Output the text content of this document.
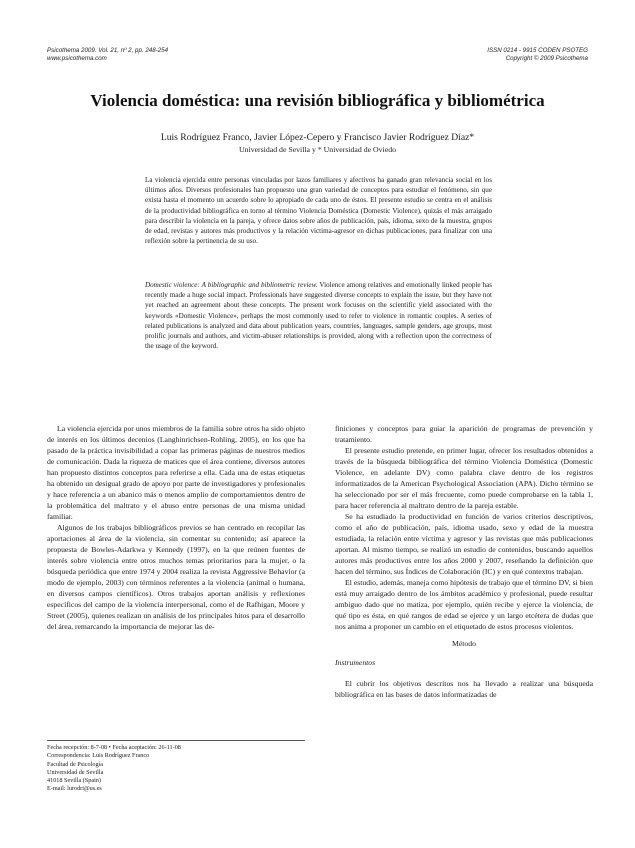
Psicothema 2009. Vol. 21, nº 2, pp. 248-254
www.psicothema.com
ISSN 0214 - 9915 CODEN PSOTEG
Copyright © 2009 Psicothema
Violencia doméstica: una revisión bibliográfica y bibliométrica
Luis Rodríguez Franco, Javier López-Cepero y Francisco Javier Rodríguez Díaz*
Universidad de Sevilla y * Universidad de Oviedo

La violencia ejercida entre personas vinculadas por lazos familiares y afectivos ha ganado gran relevancia social en los últimos años. Diversos profesionales han propuesto una gran variedad de conceptos para estudiar el fenómeno, sin que exista hasta el momento un acuerdo sobre lo apropiado de cada uno de éstos. El presente estudio se centra en el análisis de la productividad bibliográfica en torno al término Violencia Doméstica (Domestic Violence), quizás el más arraigado para describir la violencia en la pareja, y ofrece datos sobre años de publicación, país, idioma, sexo de la muestra, grupos de edad, revistas y autores más productivos y la relación víctima-agresor en dichas publicaciones, para finalizar con una reflexión sobre la pertinencia de su uso.

Domestic violence: A bibliographic and bibliometric review. Violence among relatives and emotionally linked people has recently made a huge social impact. Professionals have suggested diverse concepts to explain the issue, but they have not yet reached an agreement about these concepts. The present work focuses on the scientific yield associated with the keywords «Domestic Violence», perhaps the most commonly used to refer to violence in romantic couples. A series of related publications is analyzed and data about publication years, countries, languages, sample genders, age groups, most prolific journals and authors, and victim-abuser relationships is provided, along with a reflection upon the correctness of the usage of the keyword.

La violencia ejercida por unos miembros de la familia sobre otros ha sido objeto de interés en los últimos decenios (Langhinrichsen-Rohling, 2005), en los que ha pasado de la práctica invisibilidad a copar las primeras páginas de nuestros medios de comunicación. Dada la riqueza de matices que el área contiene, diversos autores han propuesto distintos conceptos para referirse a ella. Cada una de estas etiquetas ha obtenido un desigual grado de apoyo por parte de investigadores y profesionales y hace referencia a un abanico más o menos amplio de comportamientos dentro de la problemática del maltrato y el abuso entre personas de una misma unidad familiar.

Algunos de los trabajos bibliográficos previos se han centrado en recopilar las aportaciones al área de la violencia, sin comentar su contenido; así aparece la propuesta de Bowles-Adarkwa y Kennedy (1997), en la que reúnen fuentes de interés sobre violencia entre otros muchos temas prioritarios para la mujer, o la búsqueda periódica que entre 1974 y 2004 realiza la revista Aggressive Behavior (a modo de ejemplo, 2003) con términos referentes a la violencia (animal o humana, en diversos campos científicos). Otros trabajos aportan análisis y reflexiones específicos del campo de la violencia interpersonal, como el de Rafhigan, Moore y Street (2005), quienes realizan un análisis de los principales hitos para el desarrollo del área, remarcando la importancia de mejorar las de-

finiciones y conceptos para guiar la aparición de programas de prevención y tratamiento.

El presente estudio pretende, en primer lugar, ofrecer los resultados obtenidos a través de la búsqueda bibliográfica del término Violencia Doméstica (Domestic Violence, en adelante DV) como palabra clave dentro de los registros informatizados de la American Psychological Association (APA). Dicho término se ha seleccionado por ser el más frecuente, como puede comprobarse en la tabla 1, para hacer referencia al maltrato dentro de la pareja estable.

Se ha estudiado la productividad en función de varios criterios descriptivos, como el año de publicación, país, idioma usado, sexo y edad de la muestra estudiada, la relación entre víctima y agresor y las revistas que más publicaciones aportan. Al mismo tiempo, se realizó un estudio de contenidos, buscando aquellos autores más productivos entre los años 2000 y 2007, reseñando la definición que hacen del término, sus Índices de Colaboración (IC) y en qué contextos trabajan.

El estudio, además, maneja como hipótesis de trabajo que el término DV, si bien está muy arraigado dentro de los ámbitos académico y profesional, puede resultar ambiguo dado que no matiza, por ejemplo, quién recibe y ejerce la violencia, de qué tipo es ésta, en qué rangos de edad se ejerce y un largo etcétera de dudas que nos anima a proponer un cambio en el etiquetado de estos procesos violentos.

Método

Instrumentos

El cubrir los objetivos descritos nos ha llevado a realizar una búsqueda bibliográfica en las bases de datos informatizadas de

Fecha recepción: 8-7-08 • Fecha aceptación: 26-11-08
Correspondencia: Luis Rodríguez Franco
Facultad de Psicología
Universidad de Sevilla
41018 Sevilla (Spain)
E-mail: lurodri@us.es
